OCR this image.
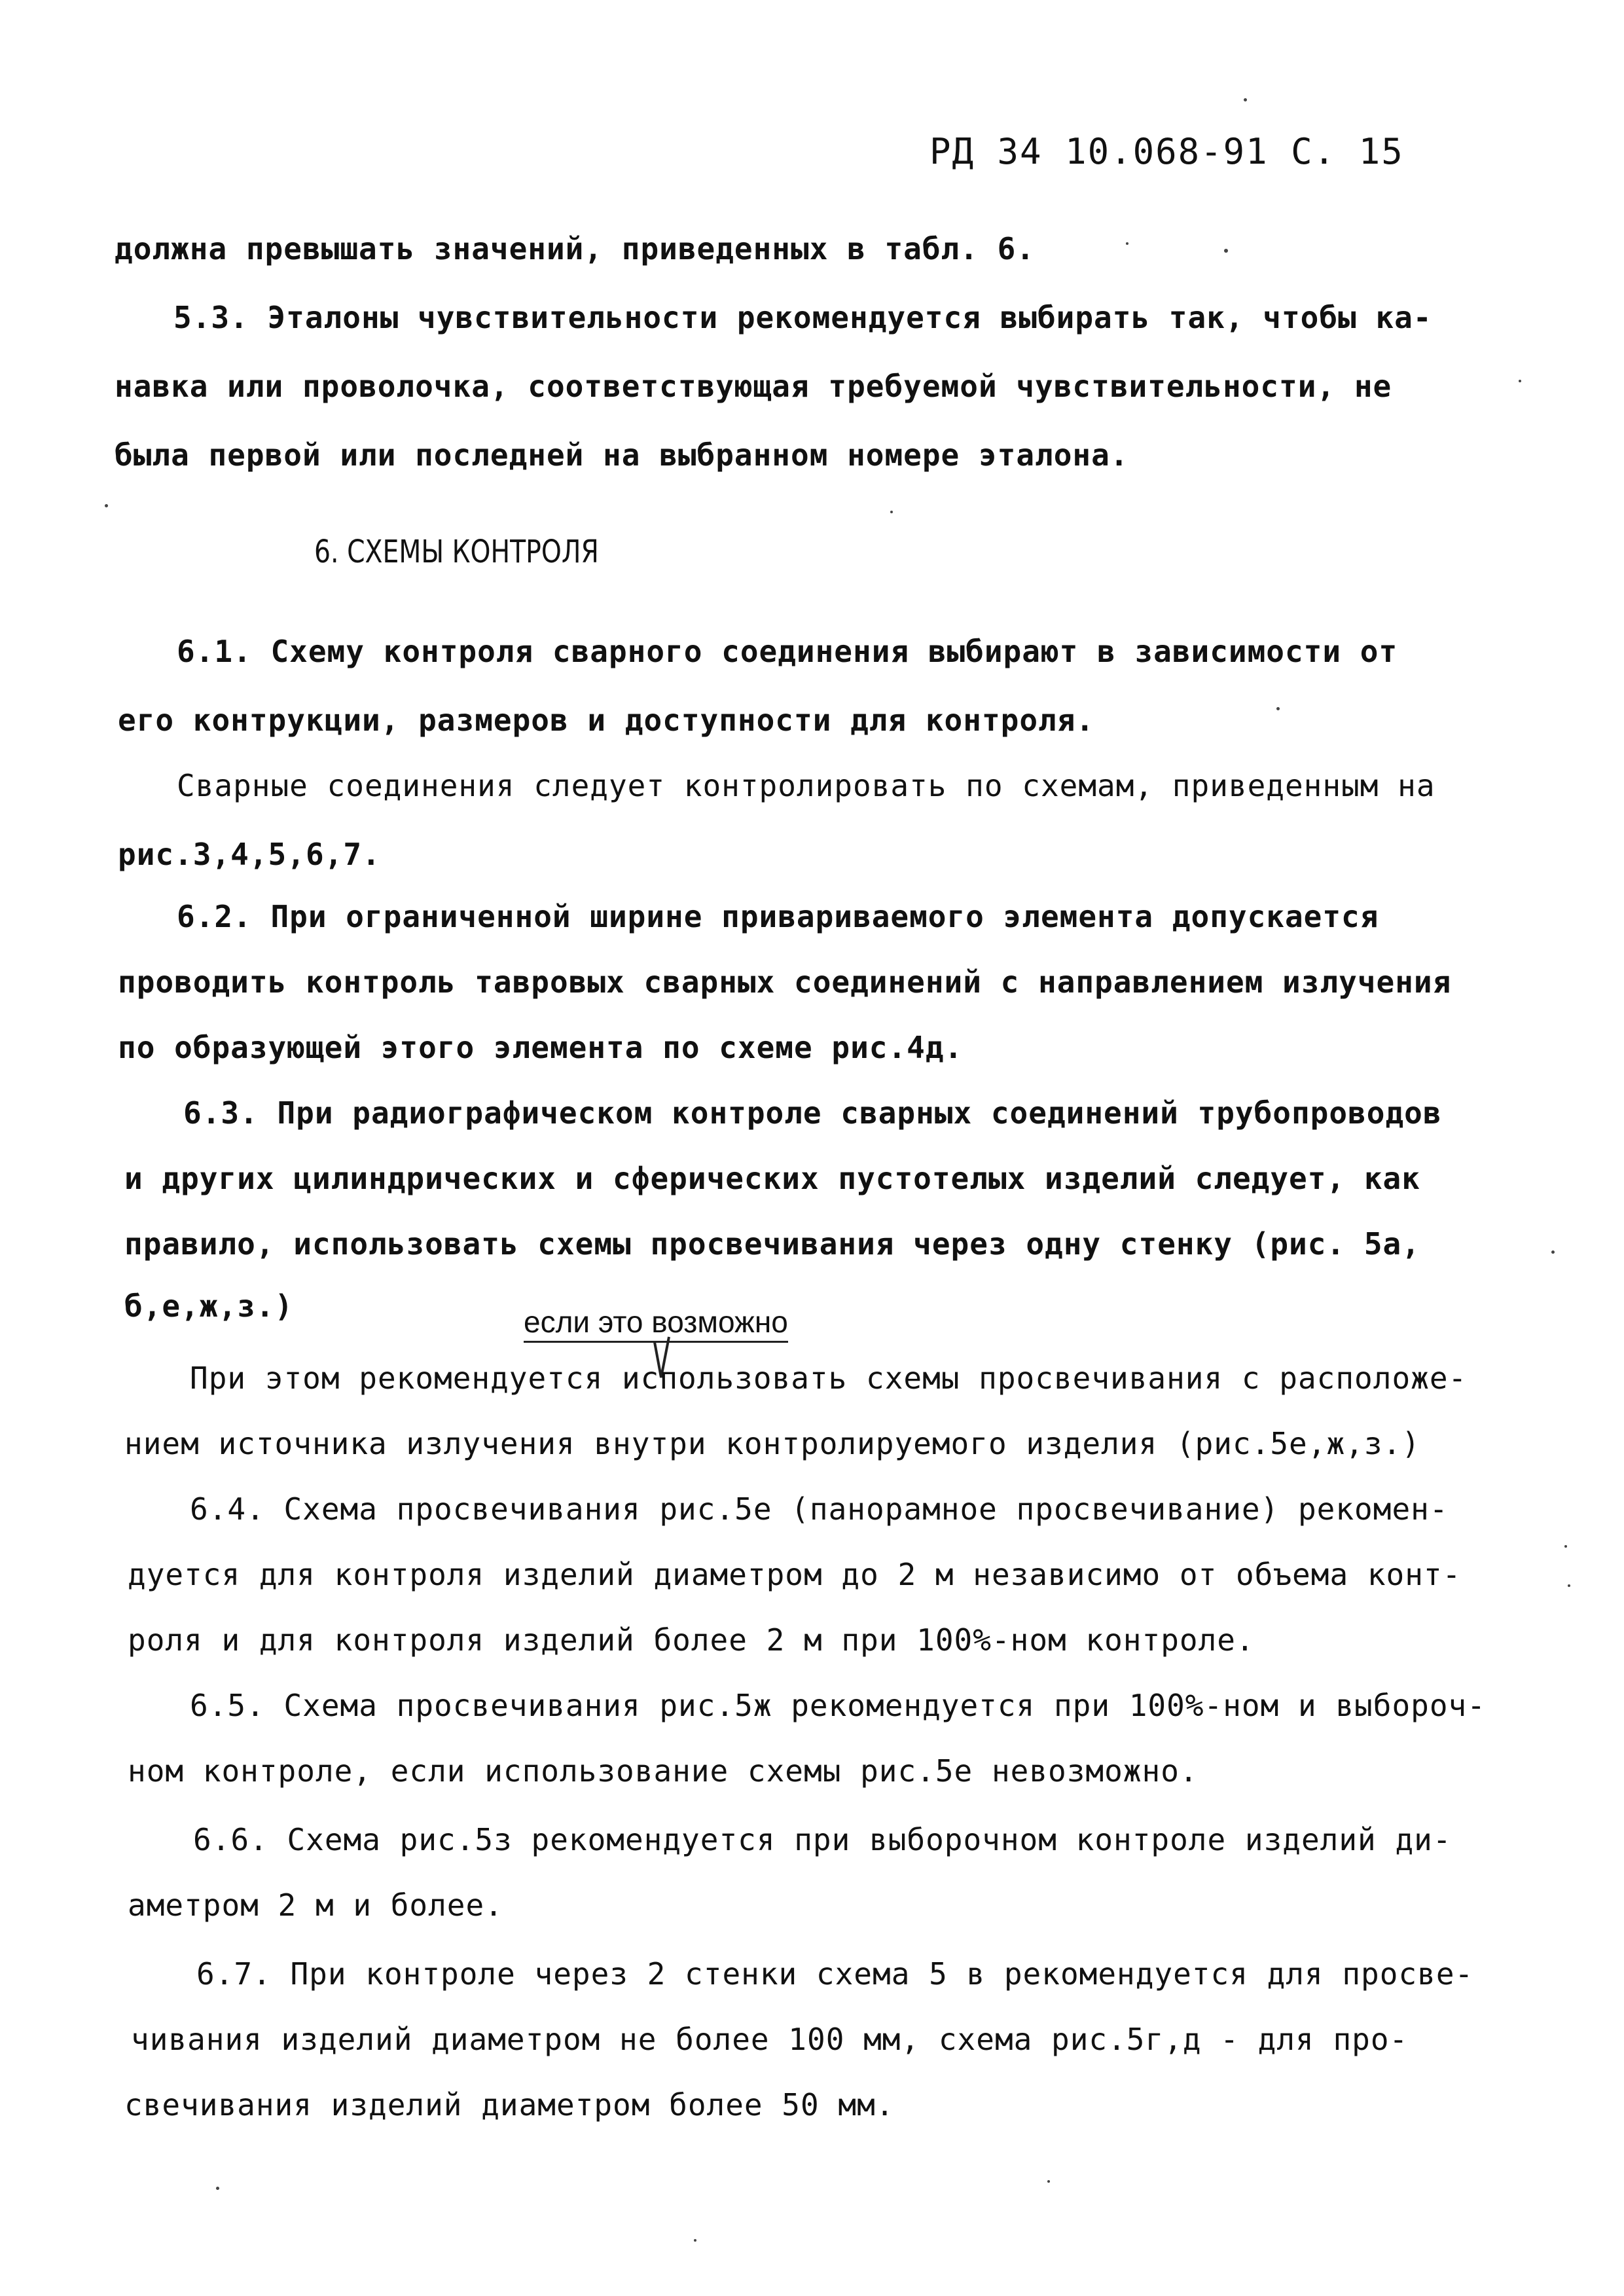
РД 34 10.068-91 С. 15
должна превышать значений, приведенных в табл. 6.
5.3. Эталоны чувствительности рекомендуется выбирать так, чтобы ка-
навка или проволочка, соответствующая требуемой чувствительности, не
была первой или последней на выбранном номере эталона.
6. СХЕМЫ КОНТРОЛЯ
6.1. Схему контроля сварного соединения выбирают в зависимости от
его контрукции, размеров и доступности для контроля.
Сварные соединения следует контролировать по схемам, приведенным на
рис.3,4,5,6,7.
6.2. При ограниченной ширине привариваемого элемента допускается
проводить контроль тавровых сварных соединений с направлением излучения
по образующей этого элемента по схеме рис.4д.
6.3. При радиографическом контроле сварных соединений трубопроводов
и других цилиндрических и сферических пустотелых изделий следует, как
правило, использовать схемы просвечивания через одну стенку (рис. 5а,
б,е,ж,з.)	если это возможно
При этом рекомендуется использовать схемы просвечивания с расположе-
нием источника излучения внутри контролируемого изделия (рис.5е,ж,з.)
6.4. Схема просвечивания рис.5е (панорамное просвечивание) рекомен-
дуется для контроля изделий диаметром до 2 м независимо от объема конт-
роля и для контроля изделий более 2 м при 100%-ном контроле.
6.5. Схема просвечивания рис.5ж рекомендуется при 100%-ном и выбороч-
ном контроле, если использование схемы рис.5е невозможно.
6.6. Схема рис.5з рекомендуется при выборочном контроле изделий ди-
аметром 2 м и более.
6.7. При контроле через 2 стенки схема 5 в рекомендуется для просве-
чивания изделий диаметром не более 100 мм, схема рис.5г,д - для про-
свечивания изделий диаметром более 50 мм.
